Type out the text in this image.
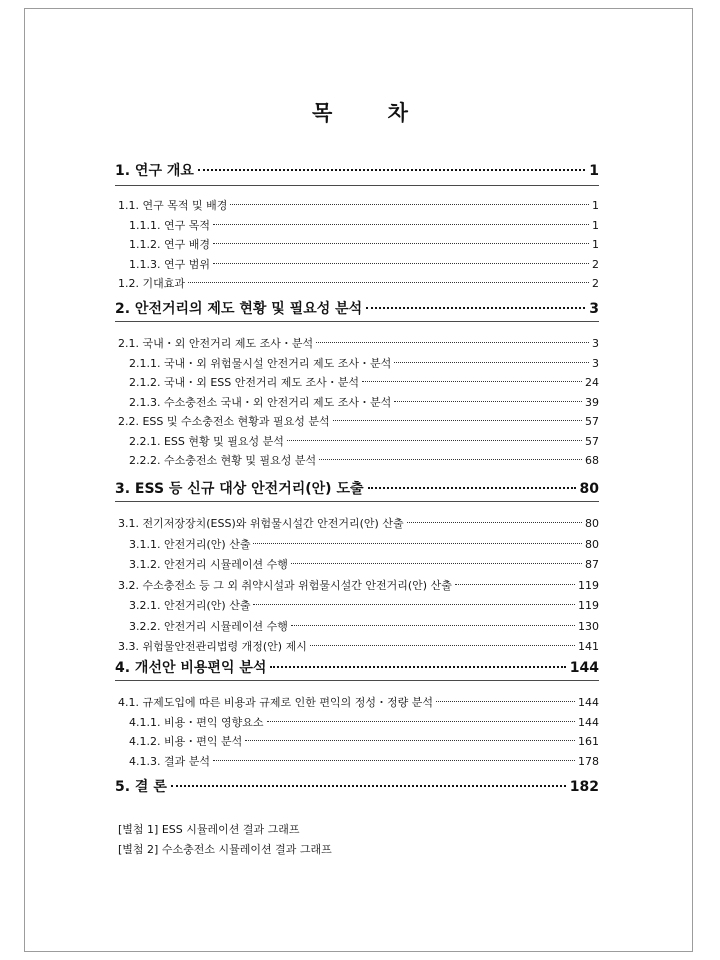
목 차
1. 연구 개요	1
1.1. 연구 목적 및 배경	1
1.1.1. 연구 목적	1
1.1.2. 연구 배경	1
1.1.3. 연구 범위	2
1.2. 기대효과	2
2. 안전거리의 제도 현황 및 필요성 분석	3
2.1. 국내・외 안전거리 제도 조사・분석	3
2.1.1. 국내・외 위험물시설 안전거리 제도 조사・분석	3
2.1.2. 국내・외 ESS 안전거리 제도 조사・분석	24
2.1.3. 수소충전소 국내・외 안전거리 제도 조사・분석	39
2.2. ESS 및 수소충전소 현황과 필요성 분석	57
2.2.1. ESS 현황 및 필요성 분석	57
2.2.2. 수소충전소 현황 및 필요성 분석	68
3. ESS 등 신규 대상 안전거리(안) 도출	80
3.1. 전기저장장치(ESS)와 위험물시설간 안전거리(안) 산출	80
3.1.1. 안전거리(안) 산출	80
3.1.2. 안전거리 시뮬레이션 수행	87
3.2. 수소충전소 등 그 외 취약시설과 위험물시설간 안전거리(안) 산출	119
3.2.1. 안전거리(안) 산출	119
3.2.2. 안전거리 시뮬레이션 수행	130
3.3. 위험물안전관리법령 개정(안) 제시	141
4. 개선안 비용편익 분석	144
4.1. 규제도입에 따른 비용과 규제로 인한 편익의 정성・정량 분석	144
4.1.1. 비용・편익 영향요소	144
4.1.2. 비용・편익 분석	161
4.1.3. 결과 분석	178
5. 결 론	182
[별첨 1] ESS 시뮬레이션 결과 그래프
[별첨 2] 수소충전소 시뮬레이션 결과 그래프
